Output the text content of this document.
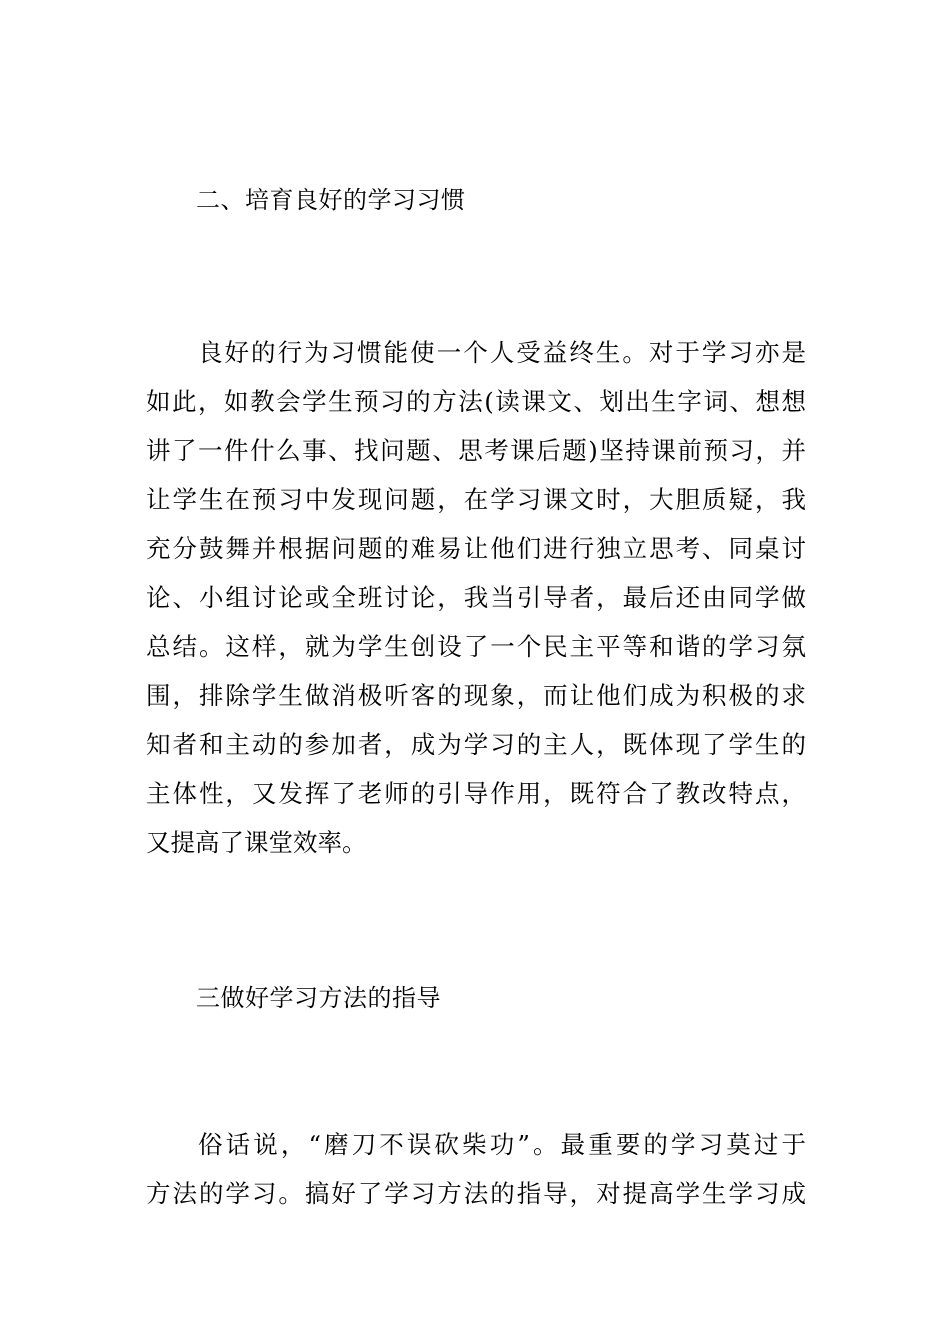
二、培育良好的学习习惯
良好的行为习惯能使一个人受益终生。对于学习亦是
如此，如教会学生预习的方法(读课文、划出生字词、想想
讲了一件什么事、找问题、思考课后题)坚持课前预习，并
让学生在预习中发现问题，在学习课文时，大胆质疑，我
充分鼓舞并根据问题的难易让他们进行独立思考、同桌讨
论、小组讨论或全班讨论，我当引导者，最后还由同学做
总结。这样，就为学生创设了一个民主平等和谐的学习氛
围，排除学生做消极听客的现象，而让他们成为积极的求
知者和主动的参加者，成为学习的主人，既体现了学生的
主体性，又发挥了老师的引导作用，既符合了教改特点，
又提高了课堂效率。
三做好学习方法的指导
俗话说，“磨刀不误砍柴功”。最重要的学习莫过于
方法的学习。搞好了学习方法的指导，对提高学生学习成
